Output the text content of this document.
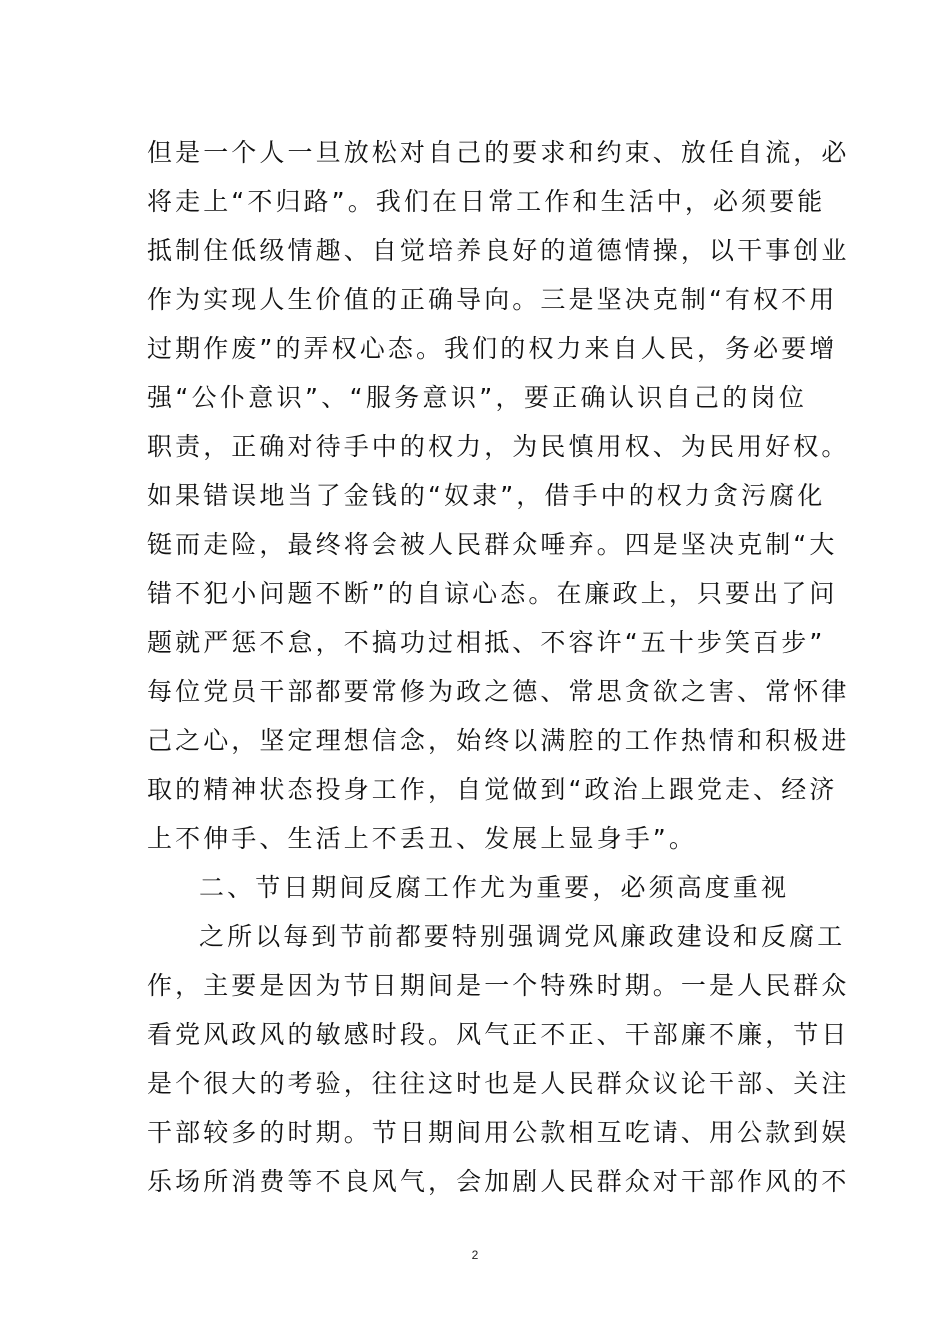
但是一个人一旦放松对自己的要求和约束、放任自流，必
将走上“不归路”。我们在日常工作和生活中，必须要能
抵制住低级情趣、自觉培养良好的道德情操，以干事创业
作为实现人生价值的正确导向。三是坚决克制“有权不用
过期作废”的弄权心态。我们的权力来自人民，务必要增
强“公仆意识”、“服务意识”，要正确认识自己的岗位
职责，正确对待手中的权力，为民慎用权、为民用好权。
如果错误地当了金钱的“奴隶”，借手中的权力贪污腐化
铤而走险，最终将会被人民群众唾弃。四是坚决克制“大
错不犯小问题不断”的自谅心态。在廉政上，只要出了问
题就严惩不怠，不搞功过相抵、不容许“五十步笑百步”
每位党员干部都要常修为政之德、常思贪欲之害、常怀律
己之心，坚定理想信念，始终以满腔的工作热情和积极进
取的精神状态投身工作，自觉做到“政治上跟党走、经济
上不伸手、生活上不丢丑、发展上显身手”。
二、节日期间反腐工作尤为重要，必须高度重视
之所以每到节前都要特别强调党风廉政建设和反腐工
作，主要是因为节日期间是一个特殊时期。一是人民群众
看党风政风的敏感时段。风气正不正、干部廉不廉，节日
是个很大的考验，往往这时也是人民群众议论干部、关注
干部较多的时期。节日期间用公款相互吃请、用公款到娱
乐场所消费等不良风气，会加剧人民群众对干部作风的不
2
